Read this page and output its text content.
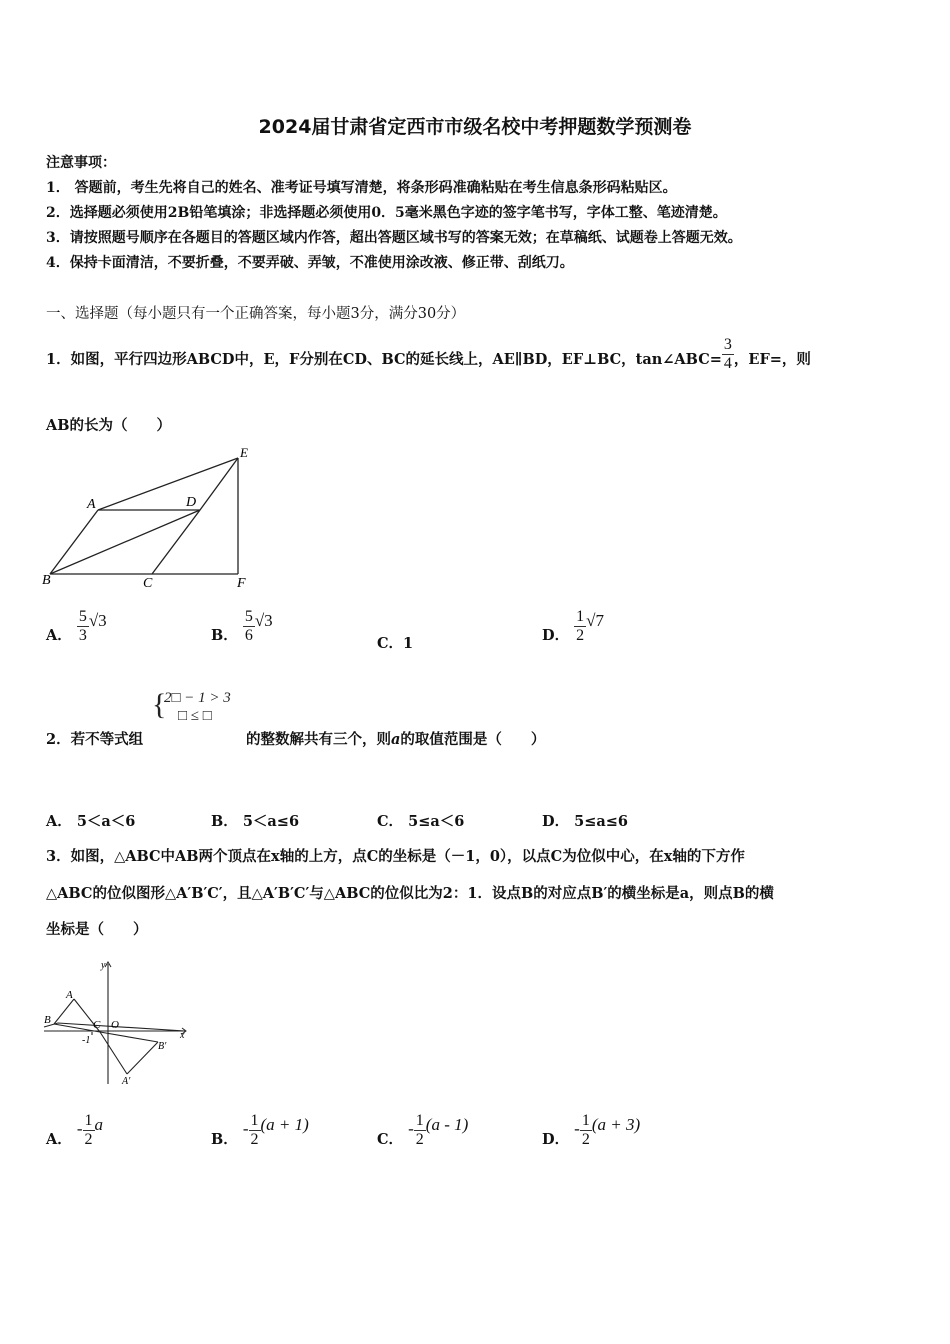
2024届甘肃省定西市市级名校中考押题数学预测卷
注意事项：
1． 答题前，考生先将自己的姓名、准考证号填写清楚，将条形码准确粘贴在考生信息条形码粘贴区。
2．选择题必须使用2B铅笔填涂；非选择题必须使用0．5毫米黑色字迹的签字笔书写，字体工整、笔迹清楚。
3．请按照题号顺序在各题目的答题区域内作答，超出答题区域书写的答案无效；在草稿纸、试题卷上答题无效。
4．保持卡面清洁，不要折叠，不要弄破、弄皱，不准使用涂改液、修正带、刮纸刀。
一、选择题（每小题只有一个正确答案，每小题3分，满分30分）
1．如图，平行四边形ABCD中，E，F分别在CD、BC的延长线上，AE∥BD，EF⊥BC，tan∠ABC= $\frac{3}{4}$ ，EF=，则
AB的长为（　　）
A	D
E
B	C	F
A． $\frac{5}{3} √3$
B． $\frac{5}{6} √3$
C．1	D． $\frac{1}{2} √7$
2．若不等式组
{
2□ − 1 > 3
□ ≤ □
的整数解共有三个，则a的取值范围是（　　）
A． 5＜a＜6	B． 5＜a≤6	C． 5≤a＜6	D． 5≤a≤6
3．如图，△ABC中AB两个顶点在x轴的上方，点C的坐标是（－1，0），以点C为位似中心，在x轴的下方作
△ABC的位似图形△A′B′C′，且△A′B′C′与△ABC的位似比为2：1．设点B的对应点B′的横坐标是a，则点B的横
坐标是（　　）
y
A
B	C O
x
-1
B′
A′
A． - $\frac{1}{2}$ a
B． - $\frac{1}{2} (a + 1)$
C． - $\frac{1}{2} (a - 1)$
D． - $\frac{1}{2} (a + 3)$
